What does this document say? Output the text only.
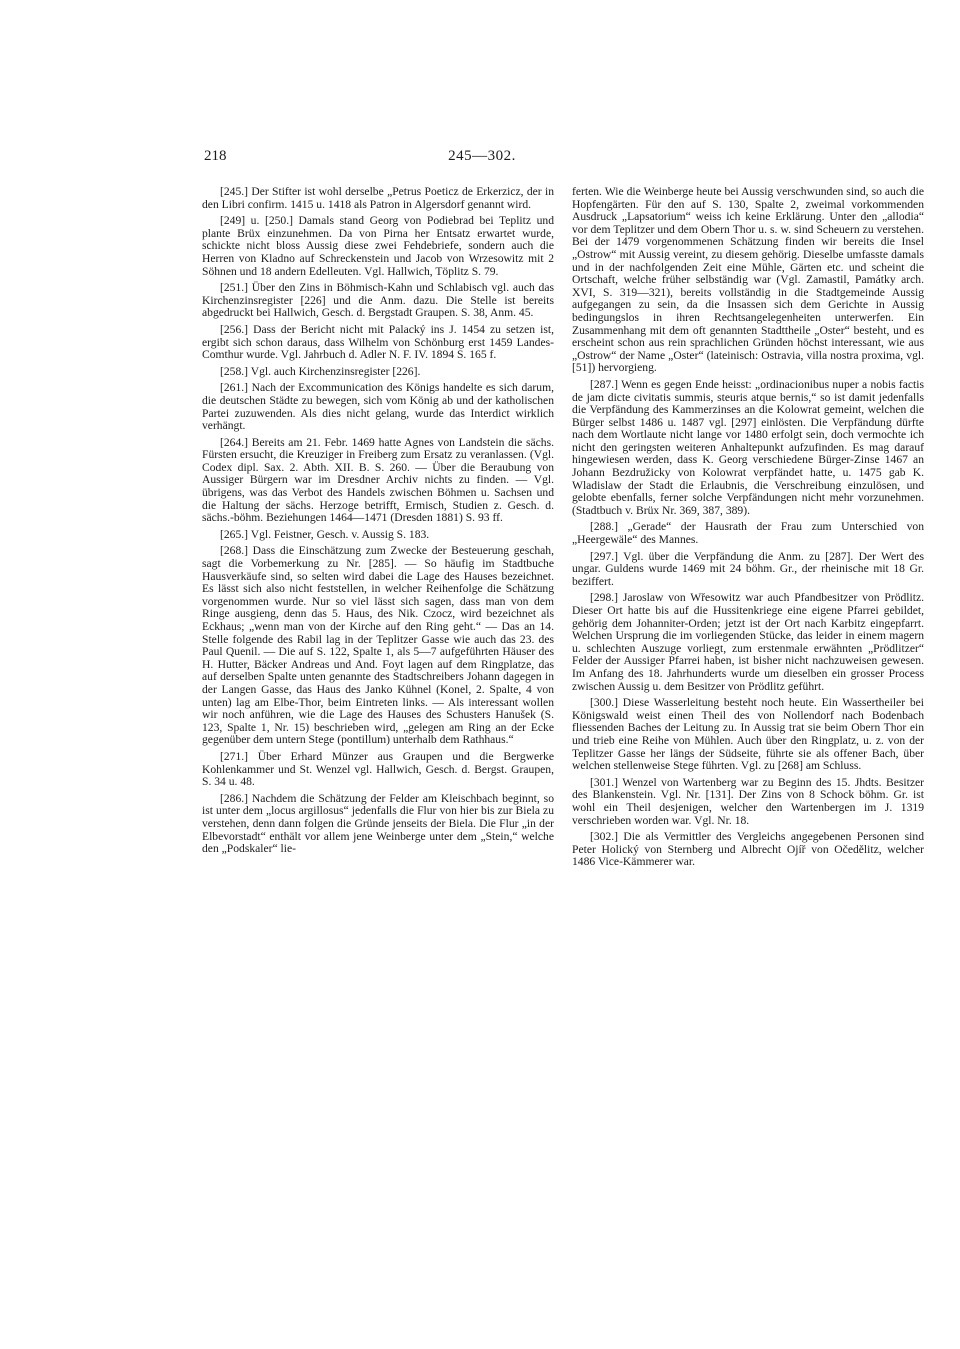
218	245—302.

[245.] Der Stifter ist wohl derselbe „Petrus Poeticz de Erkerzicz, der in den Libri confirm. 1415 u. 1418 als Patron in Algersdorf genannt wird.

[249] u. [250.] Damals stand Georg von Podiebrad bei Teplitz und plante Brüx einzunehmen. Da von Pirna her Entsatz erwartet wurde, schickte nicht bloss Aussig diese zwei Fehdebriefe, sondern auch die Herren von Kladno auf Schreckenstein und Jacob von Wrzesowitz mit 2 Söhnen und 18 andern Edelleuten. Vgl. Hallwich, Töplitz S. 79.

[251.] Über den Zins in Böhmisch-Kahn und Schlabisch vgl. auch das Kirchenzinsregister [226] und die Anm. dazu. Die Stelle ist bereits abgedruckt bei Hallwich, Gesch. d. Bergstadt Graupen. S. 38, Anm. 45.

[256.] Dass der Bericht nicht mit Palacký ins J. 1454 zu setzen ist, ergibt sich schon daraus, dass Wilhelm von Schönburg erst 1459 Landes-Comthur wurde. Vgl. Jahrbuch d. Adler N. F. IV. 1894 S. 165 f.

[258.] Vgl. auch Kirchenzinsregister [226].

[261.] Nach der Excommunication des Königs handelte es sich darum, die deutschen Städte zu bewegen, sich vom König ab und der katholischen Partei zuzuwenden. Als dies nicht gelang, wurde das Interdict wirklich verhängt.

[264.] Bereits am 21. Febr. 1469 hatte Agnes von Landstein die sächs. Fürsten ersucht, die Kreuziger in Freiberg zum Ersatz zu veranlassen. (Vgl. Codex dipl. Sax. 2. Abth. XII. B. S. 260. — Über die Beraubung von Aussiger Bürgern war im Dresdner Archiv nichts zu finden. — Vgl. übrigens, was das Verbot des Handels zwischen Böhmen u. Sachsen und die Haltung der sächs. Herzoge betrifft, Ermisch, Studien z. Gesch. d. sächs.-böhm. Beziehungen 1464—1471 (Dresden 1881) S. 93 ff.

[265.] Vgl. Feistner, Gesch. v. Aussig S. 183.

[268.] Dass die Einschätzung zum Zwecke der Besteuerung geschah, sagt die Vorbemerkung zu Nr. [285]. — So häufig im Stadtbuche Hausverkäufe sind, so selten wird dabei die Lage des Hauses bezeichnet. Es lässt sich also nicht feststellen, in welcher Reihenfolge die Schätzung vorgenommen wurde. Nur so viel lässt sich sagen, dass man von dem Ringe ausgieng, denn das 5. Haus, des Nik. Czocz, wird bezeichnet als Eckhaus; „wenn man von der Kirche auf den Ring geht.“ — Das an 14. Stelle folgende des Rabil lag in der Teplitzer Gasse wie auch das 23. des Paul Quenil. — Die auf S. 122, Spalte 1, als 5—7 aufgeführten Häuser des H. Hutter, Bäcker Andreas und And. Foyt lagen auf dem Ringplatze, das auf derselben Spalte unten genannte des Stadtschreibers Johann dagegen in der Langen Gasse, das Haus des Janko Kühnel (Konel, 2. Spalte, 4 von unten) lag am Elbe-Thor, beim Eintreten links. — Als interessant wollen wir noch anführen, wie die Lage des Hauses des Schusters Hanušek (S. 123, Spalte 1, Nr. 15) beschrieben wird, „gelegen am Ring an der Ecke gegenüber dem untern Stege (pontillum) unterhalb dem Rathhaus.“

[271.] Über Erhard Münzer aus Graupen und die Bergwerke Kohlenkammer und St. Wenzel vgl. Hallwich, Gesch. d. Bergst. Graupen, S. 34 u. 48.

[286.] Nachdem die Schätzung der Felder am Kleischbach beginnt, so ist unter dem „locus argillosus“ jedenfalls die Flur von hier bis zur Biela zu verstehen, denn dann folgen die Gründe jenseits der Biela. Die Flur „in der Elbevorstadt“ enthält vor allem jene Weinberge unter dem „Stein,“ welche den „Podskaler“ lie-

ferten. Wie die Weinberge heute bei Aussig verschwunden sind, so auch die Hopfengärten. Für den auf S. 130, Spalte 2, zweimal vorkommenden Ausdruck „Lapsatorium“ weiss ich keine Erklärung. Unter den „allodia“ vor dem Teplitzer und dem Obern Thor u. s. w. sind Scheuern zu verstehen. Bei der 1479 vorgenommenen Schätzung finden wir bereits die Insel „Ostrow“ mit Aussig vereint, zu diesem gehörig. Dieselbe umfasste damals und in der nachfolgenden Zeit eine Mühle, Gärten etc. und scheint die Ortschaft, welche früher selbständig war (Vgl. Zamastil, Památky arch. XVI, S. 319—321), bereits vollständig in die Stadtgemeinde Aussig aufgegangen zu sein, da die Insassen sich dem Gerichte in Aussig bedingungslos in ihren Rechtsangelegenheiten unterwerfen. Ein Zusammenhang mit dem oft genannten Stadttheile „Oster“ besteht, und es erscheint schon aus rein sprachlichen Gründen höchst interessant, wie aus „Ostrow“ der Name „Oster“ (lateinisch: Ostravia, villa nostra proxima, vgl. [51]) hervorgieng.

[287.] Wenn es gegen Ende heisst: „ordinacionibus nuper a nobis factis de jam dicte civitatis summis, steuris atque bernis,“ so ist damit jedenfalls die Verpfändung des Kammerzinses an die Kolowrat gemeint, welchen die Bürger selbst 1486 u. 1487 vgl. [297] einlösten. Die Verpfändung dürfte nach dem Wortlaute nicht lange vor 1480 erfolgt sein, doch vermochte ich nicht den geringsten weiteren Anhaltepunkt aufzufinden. Es mag darauf hingewiesen werden, dass K. Georg verschiedene Bürger-Zinse 1467 an Johann Bezdružicky von Kolowrat verpfändet hatte, u. 1475 gab K. Wladislaw der Stadt die Erlaubnis, die Verschreibung einzulösen, und gelobte ebenfalls, ferner solche Verpfändungen nicht mehr vorzunehmen. (Stadtbuch v. Brüx Nr. 369, 387, 389).

[288.] „Gerade“ der Hausrath der Frau zum Unterschied von „Heergewäle“ des Mannes.

[297.] Vgl. über die Verpfändung die Anm. zu [287]. Der Wert des ungar. Guldens wurde 1469 mit 24 böhm. Gr., der rheinische mit 18 Gr. beziffert.

[298.] Jaroslaw von Wřesowitz war auch Pfandbesitzer von Prödlitz. Dieser Ort hatte bis auf die Hussitenkriege eine eigene Pfarrei gebildet, gehörig dem Johanniter-Orden; jetzt ist der Ort nach Karbitz eingepfarrt. Welchen Ursprung die im vorliegenden Stücke, das leider in einem magern u. schlechten Auszuge vorliegt, zum erstenmale erwähnten „Prödlitzer“ Felder der Aussiger Pfarrei haben, ist bisher nicht nachzuweisen gewesen. Im Anfang des 18. Jahrhunderts wurde um dieselben ein grosser Process zwischen Aussig u. dem Besitzer von Prödlitz geführt.

[300.] Diese Wasserleitung besteht noch heute. Ein Wassertheiler bei Königswald weist einen Theil des von Nollendorf nach Bodenbach fliessenden Baches der Leitung zu. In Aussig trat sie beim Obern Thor ein und trieb eine Reihe von Mühlen. Auch über den Ringplatz, u. z. von der Teplitzer Gasse her längs der Südseite, führte sie als offener Bach, über welchen stellenweise Stege führten. Vgl. zu [268] am Schluss.

[301.] Wenzel von Wartenberg war zu Beginn des 15. Jhdts. Besitzer des Blankenstein. Vgl. Nr. [131]. Der Zins von 8 Schock böhm. Gr. ist wohl ein Theil desjenigen, welcher den Wartenbergen im J. 1319 verschrieben worden war. Vgl. Nr. 18.

[302.] Die als Vermittler des Vergleichs angegebenen Personen sind Peter Holický von Sternberg und Albrecht Ojíř von Očedělitz, welcher 1486 Vice-Kämmerer war.
